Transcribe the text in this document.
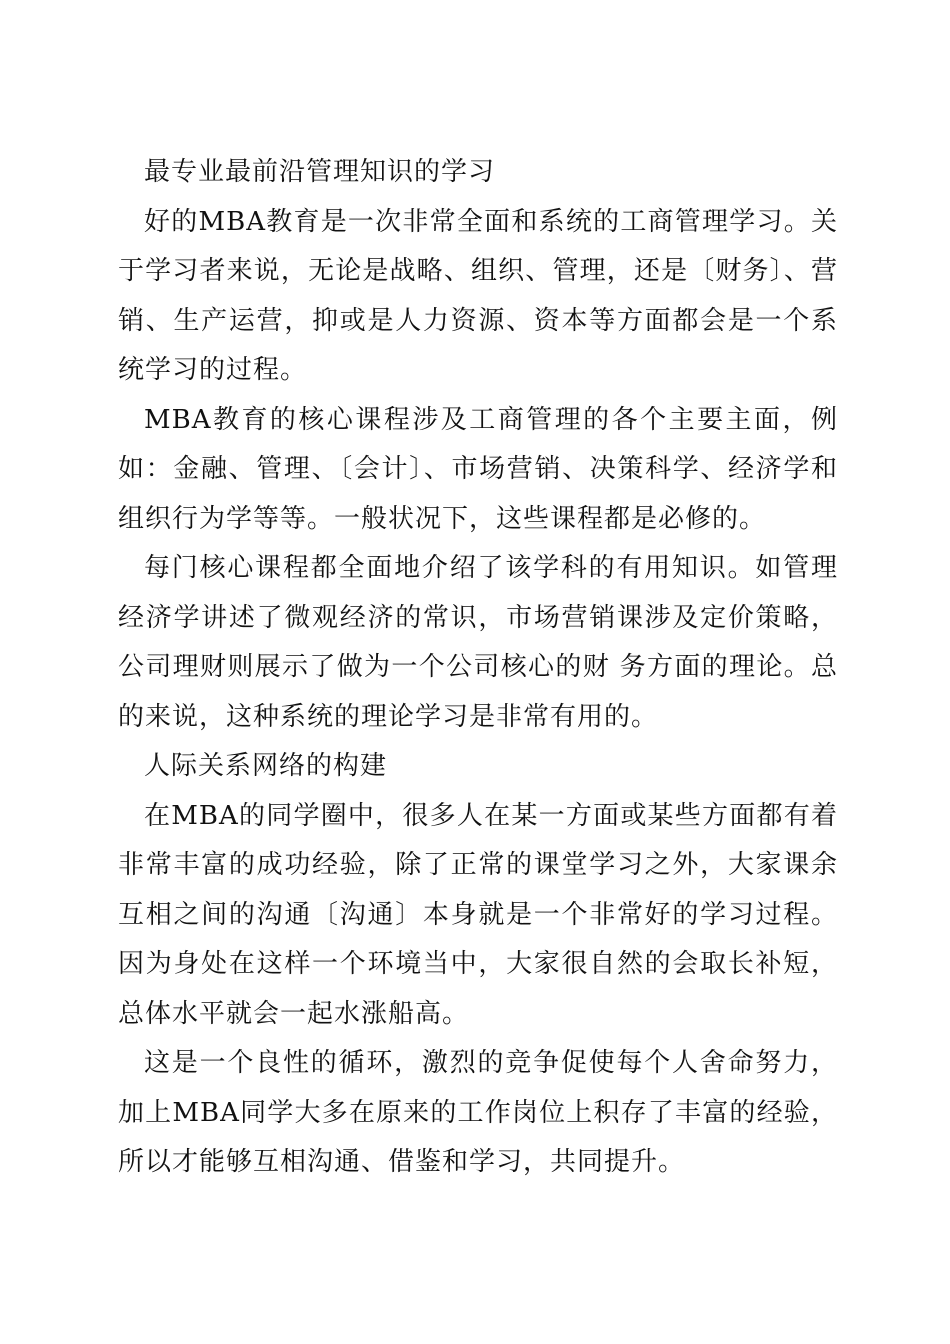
最专业最前沿管理知识的学习

好的MBA教育是一次非常全面和系统的工商管理学习。关于学习者来说，无论是战略、组织、管理，还是〔财务〕、营销、生产运营，抑或是人力资源、资本等方面都会是一个系统学习的过程。

MBA教育的核心课程涉及工商管理的各个主要主面，例如：金融、管理、〔会计〕、市场营销、决策科学、经济学和组织行为学等等。一般状况下，这些课程都是必修的。

每门核心课程都全面地介绍了该学科的有用知识。如管理经济学讲述了微观经济的常识，市场营销课涉及定价策略，公司理财则展示了做为一个公司核心的财 务方面的理论。总的来说，这种系统的理论学习是非常有用的。

人际关系网络的构建

在MBA的同学圈中，很多人在某一方面或某些方面都有着非常丰富的成功经验，除了正常的课堂学习之外，大家课余互相之间的沟通〔沟通〕本身就是一个非常好的学习过程。因为身处在这样一个环境当中，大家很自然的会取长补短，总体水平就会一起水涨船高。

这是一个良性的循环，激烈的竞争促使每个人舍命努力，加上MBA同学大多在原来的工作岗位上积存了丰富的经验，所以才能够互相沟通、借鉴和学习，共同提升。
